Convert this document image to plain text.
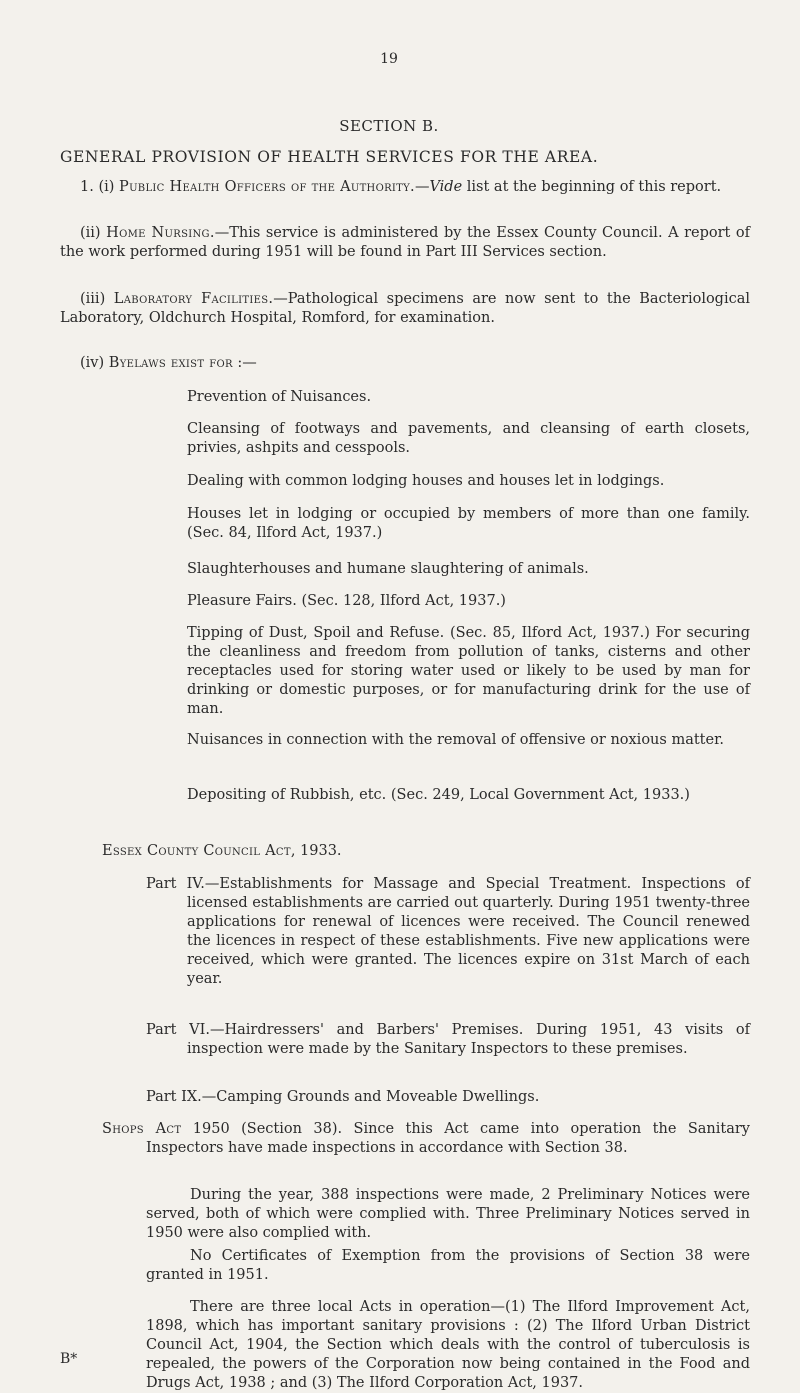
19
SECTION B.
GENERAL PROVISION OF HEALTH SERVICES FOR THE AREA.
1. (i) Public Health Officers of the Authority.—Vide list at the beginning of this report.
(ii) Home Nursing.—This service is administered by the Essex County Council. A report of the work performed during 1951 will be found in Part III Services section.
(iii) Laboratory Facilities.—Pathological specimens are now sent to the Bacteriological Laboratory, Oldchurch Hospital, Romford, for examination.
(iv) Byelaws exist for :—
Prevention of Nuisances.
Cleansing of footways and pavements, and cleansing of earth closets, privies, ashpits and cesspools.
Dealing with common lodging houses and houses let in lodgings.
Houses let in lodging or occupied by members of more than one family. (Sec. 84, Ilford Act, 1937.)
Slaughterhouses and humane slaughtering of animals.
Pleasure Fairs. (Sec. 128, Ilford Act, 1937.)
Tipping of Dust, Spoil and Refuse. (Sec. 85, Ilford Act, 1937.) For securing the cleanliness and freedom from pollution of tanks, cisterns and other receptacles used for storing water used or likely to be used by man for drinking or domestic purposes, or for manufacturing drink for the use of man.
Nuisances in connection with the removal of offensive or noxious matter.
Depositing of Rubbish, etc. (Sec. 249, Local Government Act, 1933.)
Essex County Council Act, 1933.
Part IV.—Establishments for Massage and Special Treatment. Inspections of licensed establishments are carried out quarterly. During 1951 twenty-three applications for renewal of licences were received. The Council renewed the licences in respect of these establishments. Five new applications were received, which were granted. The licences expire on 31st March of each year.
Part VI.—Hairdressers' and Barbers' Premises. During 1951, 43 visits of inspection were made by the Sanitary Inspectors to these premises.
Part IX.—Camping Grounds and Moveable Dwellings.
Shops Act 1950 (Section 38). Since this Act came into operation the Sanitary Inspectors have made inspections in accordance with Section 38.
During the year, 388 inspections were made, 2 Preliminary Notices were served, both of which were complied with. Three Preliminary Notices served in 1950 were also complied with.
No Certificates of Exemption from the provisions of Section 38 were granted in 1951.
B*
There are three local Acts in operation—(1) The Ilford Improvement Act, 1898, which has important sanitary provisions : (2) The Ilford Urban District Council Act, 1904, the Section which deals with the control of tuberculosis is repealed, the powers of the Corporation now being contained in the Food and Drugs Act, 1938 ; and (3) The Ilford Corporation Act, 1937.
